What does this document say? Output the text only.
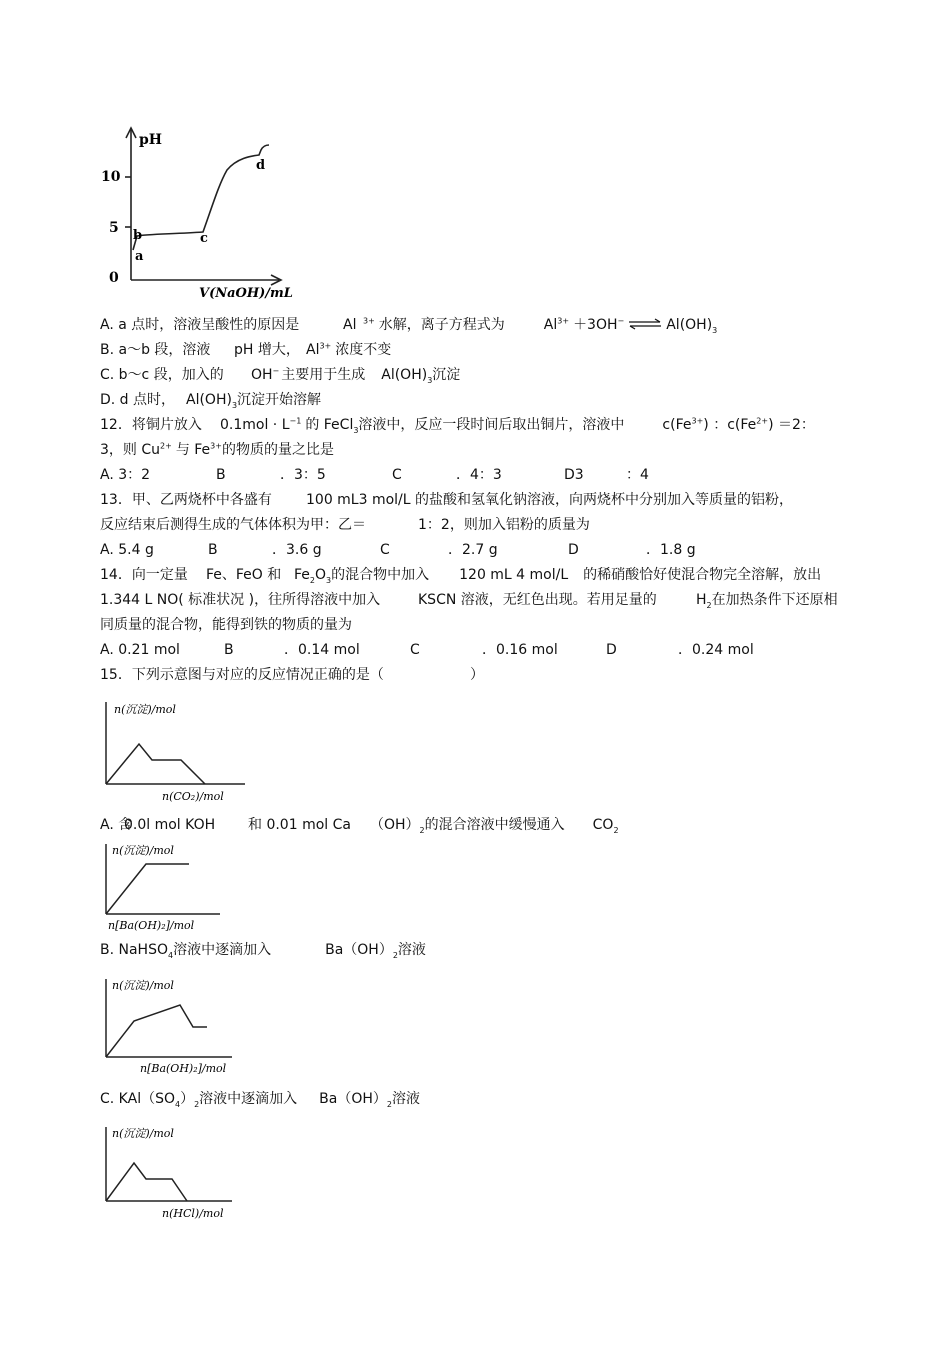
pH
10
5
0
a
b	c
d
V(NaOH)/mL
A. a 点时，溶液呈酸性的原因是	Al $^{3+}$ 水解，离子方程式为	$Al^{3+} +3OH^-$ ⇌ $Al(OH)_3$
B. a～b 段，溶液 pH 增大， $Al^{3+}$ 浓度不变
C. b～c 段，加入的 OH− 主要用于生成 $Al(OH)_3$沉淀
D. d 点时， $Al(OH)_3$沉淀开始溶解
12．将铜片放入 $0.1mol \cdot L^{-1}$ 的 FeCl$_3$溶液中，反应一段时间后取出铜片，溶液中	$c(Fe^{3+})$ ：$c(Fe^{2+}) =2$：
3，则 $Cu^{2+}$ 与 $Fe^{3+}$的物质的量之比是
A. 3：2	B	．3：5	C	．4：3	D3	：4
13．甲、乙两烧杯中各盛有 100 mL3 mol/L 的盐酸和氢氧化钠溶液，向两烧杯中分别加入等质量的铝粉，
反应结束后测得生成的气体体积为甲：乙＝	1：2，则加入铝粉的质量为
A. 5.4 g	B	．3.6 g	C	．2.7 g	D	．1.8 g
14．向一定量 Fe、FeO 和 $Fe_2O_3$的混合物中加入 120 mL 4 mol/L 的稀硝酸恰好使混合物完全溶解，放出
1.344 L NO( 标准状况 )，往所得溶液中加入	KSCN 溶液，无红色出现。若用足量的	$H_2$在加热条件下还原相
同质量的混合物，能得到铁的物质的量为
A. 0.21 mol	B	．0.14 mol	C	．0.16 mol	D	．0.24 mol
15．下列示意图与对应的反应情况正确的是（	）
n(沉淀)/mol
n(CO₂)/mol
A. 含0.0l mol KOH 和 0.01 mol Ca $(OH)_2$的混合溶液中缓慢通入 $CO_2$
n(沉淀)/mol
n[Ba(OH)₂]/mol
B. NaHSO$_4$溶液中逐滴加入	$Ba(OH)_2$溶液
n(沉淀)/mol
n[Ba(OH)₂]/mol
C. $KAl(SO_4)_2$溶液中逐滴加入 $Ba(OH)_2$溶液
n(沉淀)/mol
n(HCl)/mol
